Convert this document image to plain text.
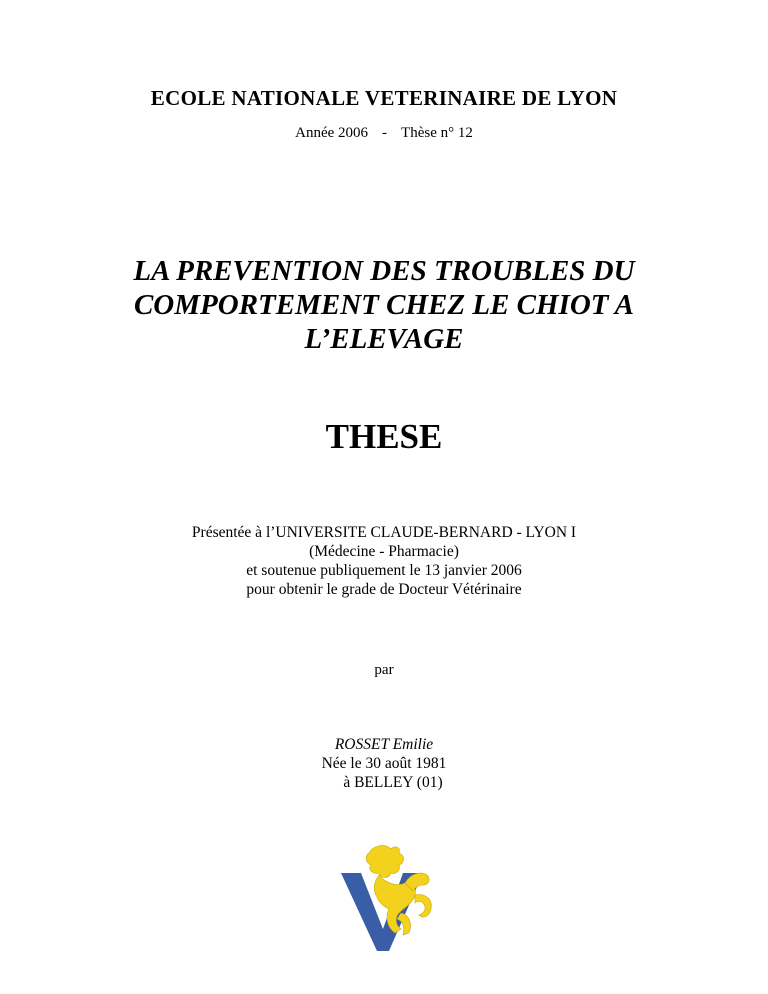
ECOLE NATIONALE VETERINAIRE DE LYON
Année 2006 - Thèse n° 12
LA PREVENTION DES TROUBLES DU
COMPORTEMENT CHEZ LE CHIOT A
L’ELEVAGE
THESE
Présentée à l’UNIVERSITE CLAUDE-BERNARD - LYON I
(Médecine - Pharmacie)
et soutenue publiquement le 13 janvier 2006
pour obtenir le grade de Docteur Vétérinaire
par
ROSSET Emilie
Née le 30 août 1981
à BELLEY (01)
